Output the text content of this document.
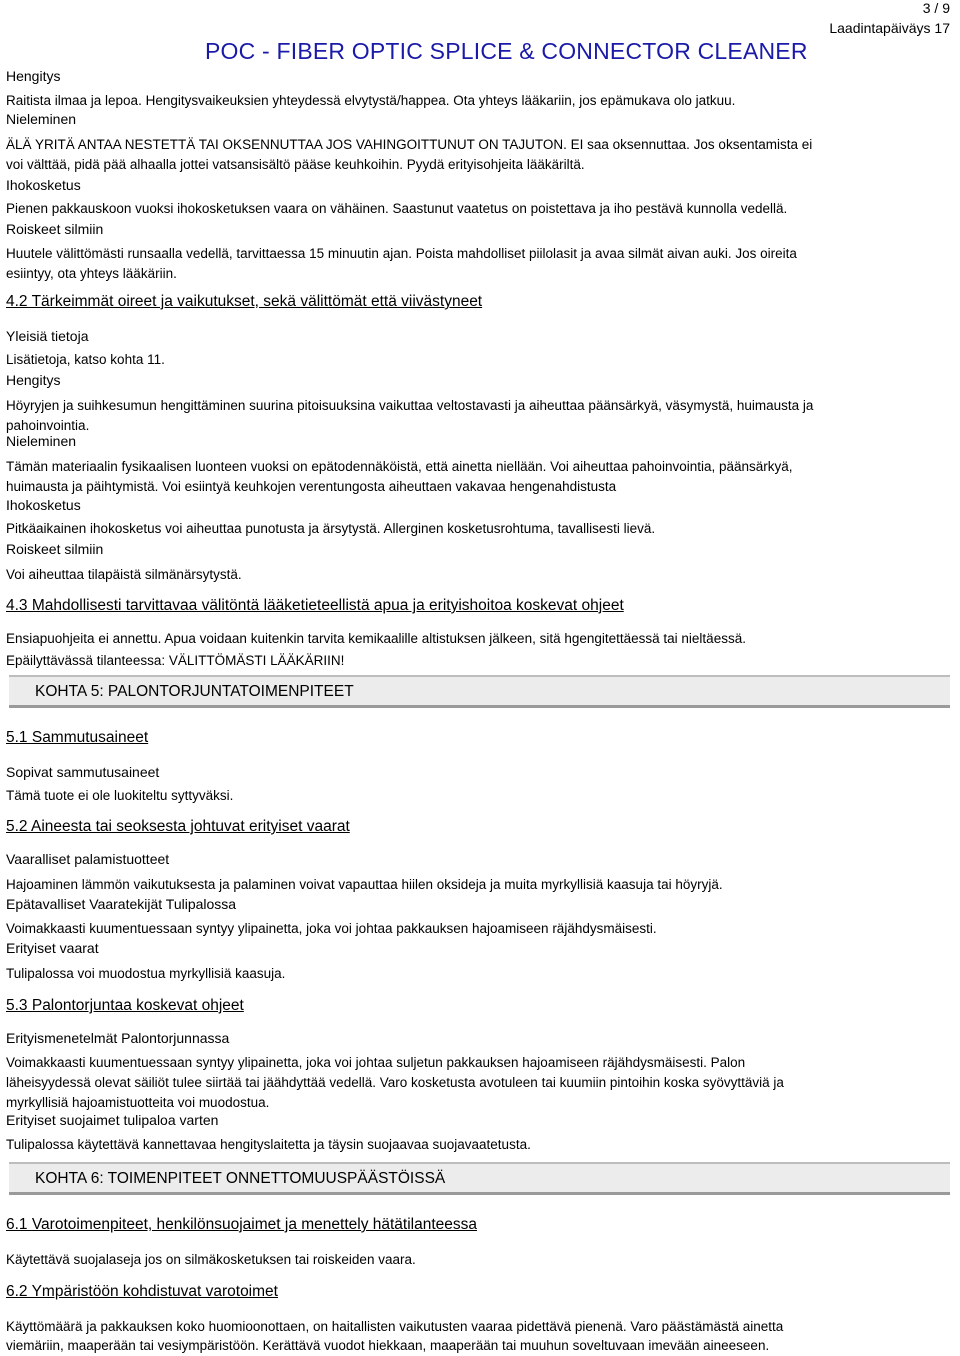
3 / 9
Laadintapäiväys 17
POC - FIBER OPTIC SPLICE & CONNECTOR CLEANER
Hengitys
Raitista ilmaa ja lepoa. Hengitysvaikeuksien yhteydessä elvytystä/happea. Ota yhteys lääkariin, jos epämukava olo jatkuu.
Nieleminen
ÄLÄ YRITÄ ANTAA NESTETTÄ TAI OKSENNUTTAA JOS VAHINGOITTUNUT ON TAJUTON. EI saa oksennuttaa. Jos oksentamista ei
voi välttää, pidä pää alhaalla jottei vatsansisältö pääse keuhkoihin. Pyydä erityisohjeita lääkäriltä.
Ihokosketus
Pienen pakkauskoon vuoksi ihokosketuksen vaara on vähäinen. Saastunut vaatetus on poistettava ja iho pestävä kunnolla vedellä.
Roiskeet silmiin
Huutele välittömästi runsaalla vedellä, tarvittaessa 15 minuutin ajan. Poista mahdolliset piilolasit ja avaa silmät aivan auki. Jos oireita
esiintyy, ota yhteys lääkäriin.
4.2 Tärkeimmät oireet ja vaikutukset, sekä välittömät että viivästyneet
Yleisiä tietoja
Lisätietoja, katso kohta 11.
Hengitys
Höyryjen ja suihkesumun hengittäminen suurina pitoisuuksina vaikuttaa veltostavasti ja aiheuttaa päänsärkyä, väsymystä, huimausta ja
pahoinvointia.
Nieleminen
Tämän materiaalin fysikaalisen luonteen vuoksi on epätodennäköistä, että ainetta niellään. Voi aiheuttaa pahoinvointia, päänsärkyä,
huimausta ja päihtymistä. Voi esiintyä keuhkojen verentungosta aiheuttaen vakavaa hengenahdistusta
Ihokosketus
Pitkäaikainen ihokosketus voi aiheuttaa punotusta ja ärsytystä. Allerginen kosketusrohtuma, tavallisesti lievä.
Roiskeet silmiin
Voi aiheuttaa tilapäistä silmänärsytystä.
4.3 Mahdollisesti tarvittavaa välitöntä lääketieteellistä apua ja erityishoitoa koskevat ohjeet
Ensiapuohjeita ei annettu. Apua voidaan kuitenkin tarvita kemikaalille altistuksen jälkeen, sitä hgengitettäessä tai nieltäessä.
Epäilyttävässä tilanteessa: VÄLITTÖMÄSTI LÄÄKÄRIIN!
KOHTA 5: PALONTORJUNTATOIMENPITEET
5.1 Sammutusaineet
Sopivat sammutusaineet
Tämä tuote ei ole luokiteltu syttyväksi.
5.2 Aineesta tai seoksesta johtuvat erityiset vaarat
Vaaralliset palamistuotteet
Hajoaminen lämmön vaikutuksesta ja palaminen voivat vapauttaa hiilen oksideja ja muita myrkyllisiä kaasuja tai höyryjä.
Epätavalliset Vaaratekijät Tulipalossa
Voimakkaasti kuumentuessaan syntyy ylipainetta, joka voi johtaa pakkauksen hajoamiseen räjähdysmäisesti.
Erityiset vaarat
Tulipalossa voi muodostua myrkyllisiä kaasuja.
5.3 Palontorjuntaa koskevat ohjeet
Erityismenetelmät Palontorjunnassa
Voimakkaasti kuumentuessaan syntyy ylipainetta, joka voi johtaa suljetun pakkauksen hajoamiseen räjähdysmäisesti. Palon
läheisyydessä olevat säiliöt tulee siirtää tai jäähdyttää vedellä. Varo kosketusta avotuleen tai kuumiin pintoihin koska syövyttäviä ja
myrkyllisiä hajoamistuotteita voi muodostua.
Erityiset suojaimet tulipaloa varten
Tulipalossa käytettävä kannettavaa hengityslaitetta ja täysin suojaavaa suojavaatetusta.
KOHTA 6: TOIMENPITEET ONNETTOMUUSPÄÄSTÖISSÄ
6.1 Varotoimenpiteet, henkilönsuojaimet ja menettely hätätilanteessa
Käytettävä suojalaseja jos on silmäkosketuksen tai roiskeiden vaara.
6.2 Ympäristöön kohdistuvat varotoimet
Käyttömäärä ja pakkauksen koko huomioonottaen, on haitallisten vaikutusten vaaraa pidettävä pienenä. Varo päästämästä ainetta
viemäriin, maaperään tai vesiympäristöön. Kerättävä vuodot hiekkaan, maaperään tai muuhun soveltuvaan imevään aineeseen.
